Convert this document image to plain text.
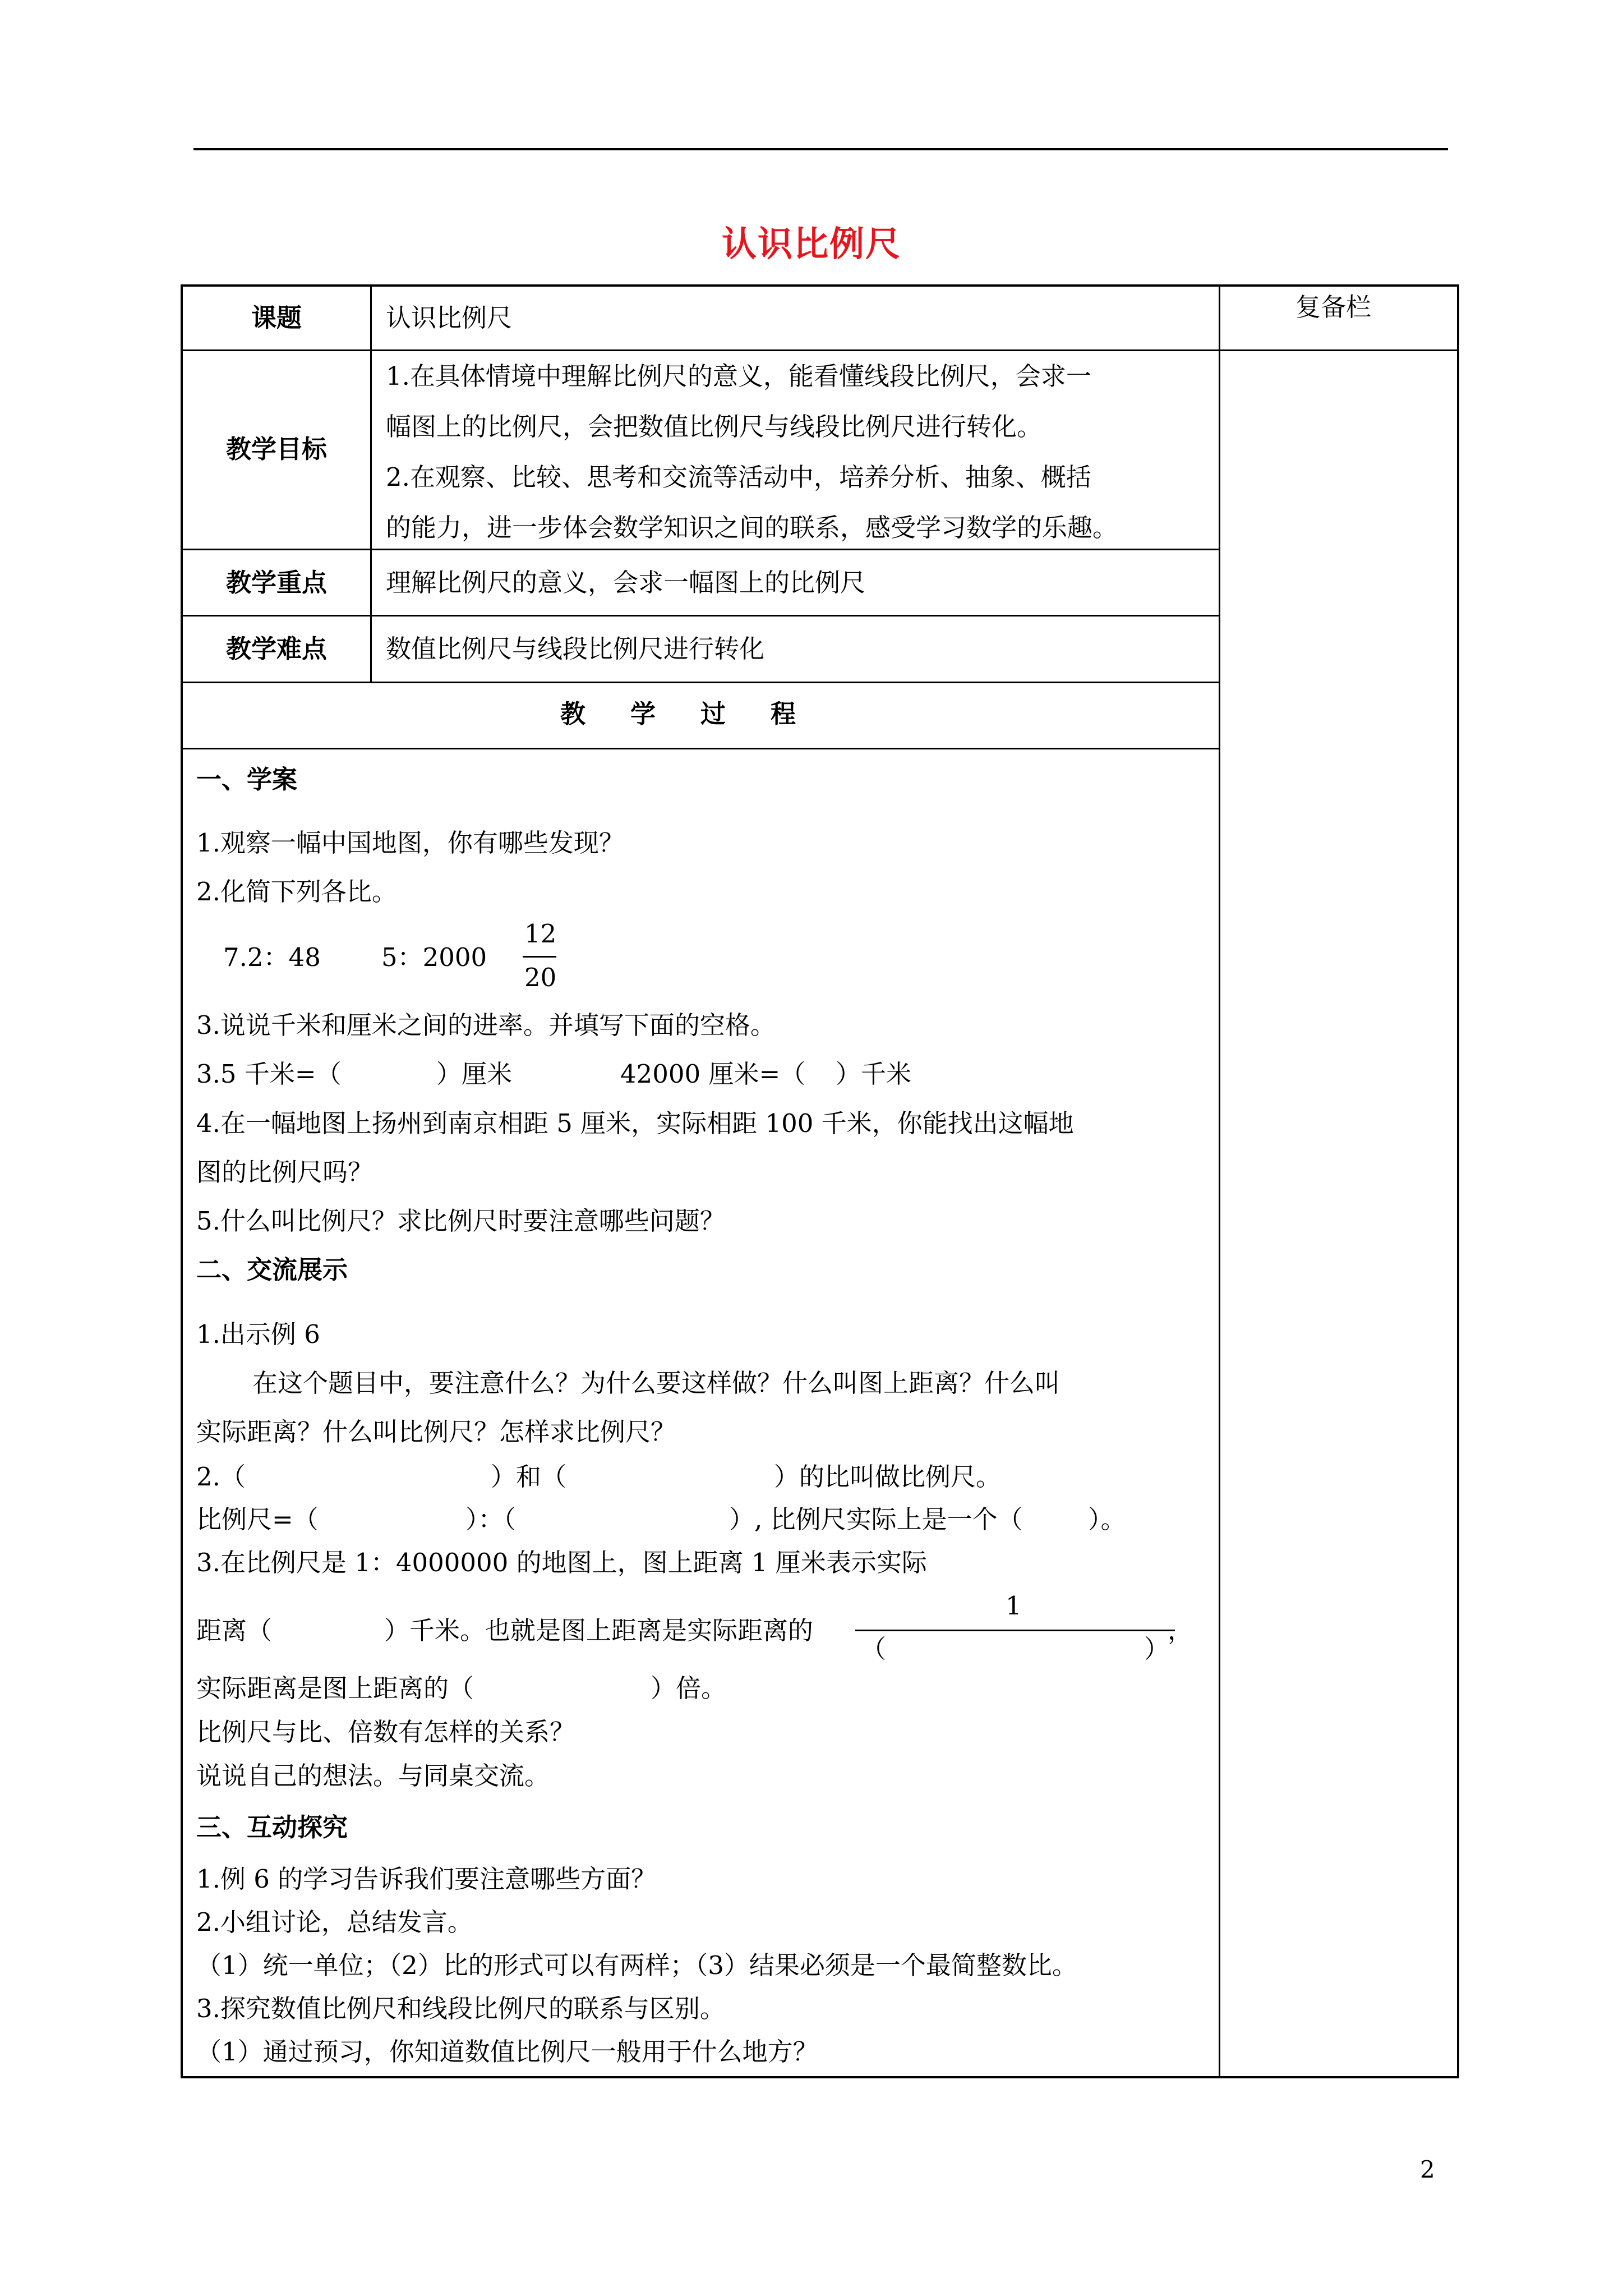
认识比例尺
复备栏
课题	认识比例尺
教学目标
1.在具体情境中理解比例尺的意义，能看懂线段比例尺，会求一
幅图上的比例尺，会把数值比例尺与线段比例尺进行转化。
2.在观察、比较、思考和交流等活动中，培养分析、抽象、概括
的能力，进一步体会数学知识之间的联系，感受学习数学的乐趣。
教学重点	理解比例尺的意义，会求一幅图上的比例尺
教学难点	数值比例尺与线段比例尺进行转化
教学过程
一、学案
1.观察一幅中国地图，你有哪些发现？
2.化简下列各比。
7.2：48 5：2000
12
20
3.说说千米和厘米之间的进率。并填写下面的空格。
3.5 千米=（	）厘米	42000 厘米=（ ）千米
4.在一幅地图上扬州到南京相距 5 厘米，实际相距 100 千米，你能找出这幅地
图的比例尺吗？
5.什么叫比例尺？求比例尺时要注意哪些问题？
二、交流展示
1.出示例 6
在这个题目中，要注意什么？为什么要这样做？什么叫图上距离？什么叫
实际距离？什么叫比例尺？怎样求比例尺？
2.（	）和（	）的比叫做比例尺。
比例尺=（	）：（	）, 比例尺实际上是一个（	）。
3.在比例尺是 1：4000000 的地图上，图上距离 1 厘米表示实际
距离（	）千米。也就是图上距离是实际距离的
1
（	）
，
实际距离是图上距离的（	）倍。
比例尺与比、倍数有怎样的关系？
说说自己的想法。与同桌交流。
三、互动探究
1.例 6 的学习告诉我们要注意哪些方面？
2.小组讨论，总结发言。
（1）统一单位；（2）比的形式可以有两样；（3）结果必须是一个最简整数比。
3.探究数值比例尺和线段比例尺的联系与区别。
（1）通过预习，你知道数值比例尺一般用于什么地方？
2
